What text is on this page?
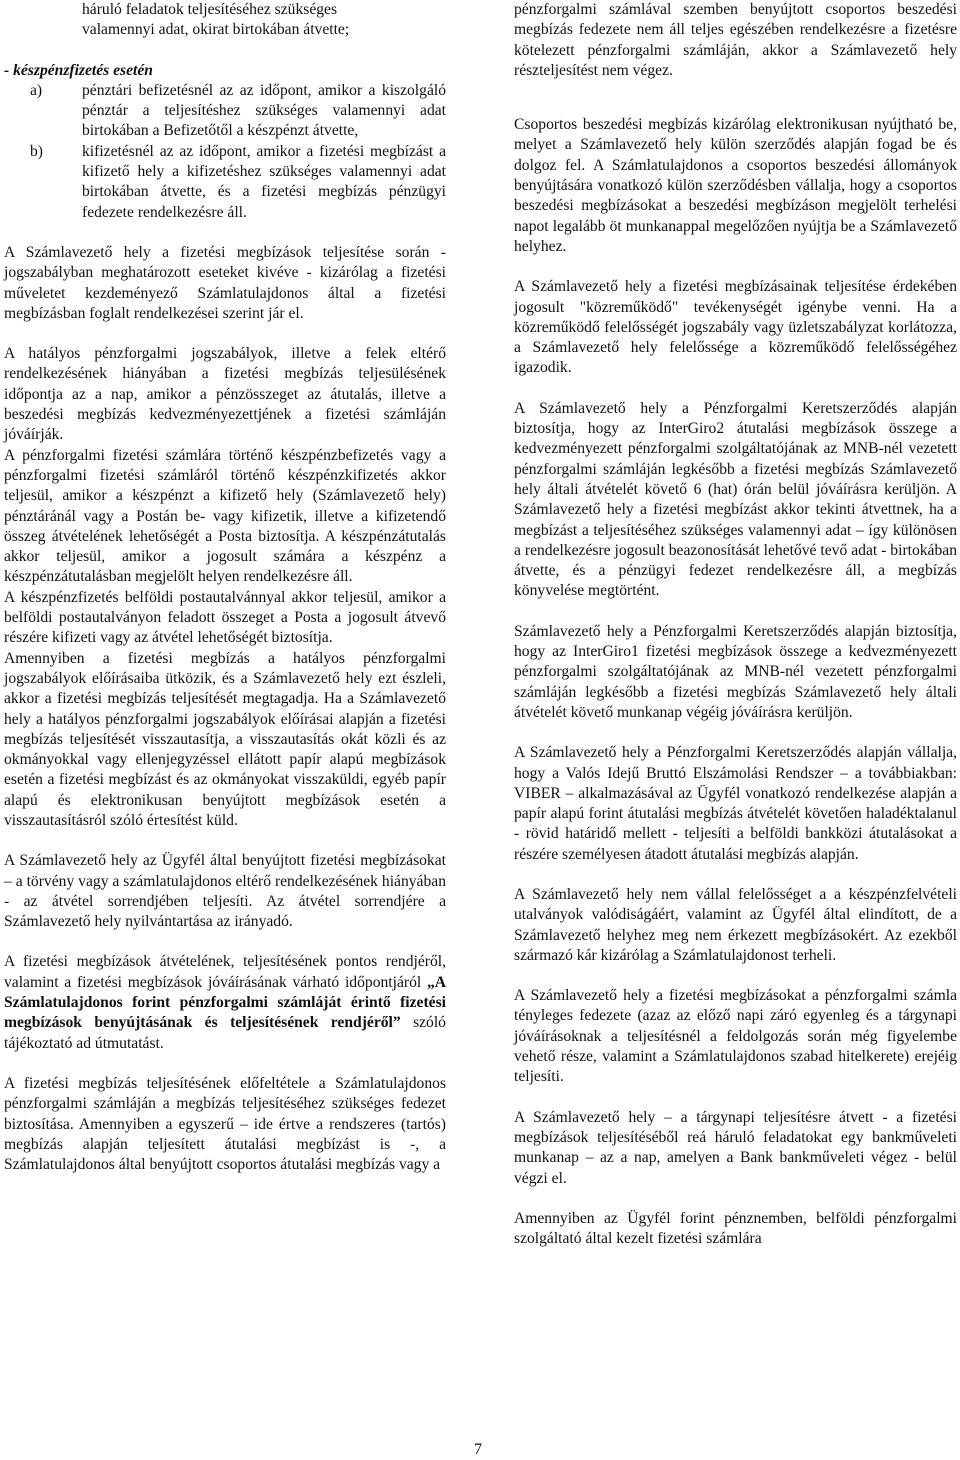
háruló feladatok teljesítéséhez szükséges

valamennyi adat, okirat birtokában átvette;

- készpénzfizetés esetén

a)	pénztári befizetésnél az az időpont, amikor a kiszolgáló pénztár a teljesítéshez szükséges valamennyi adat birtokában a Befizetőtől a készpénzt átvette,
b)	kifizetésnél az az időpont, amikor a fizetési megbízást a kifizető hely a kifizetéshez szükséges valamennyi adat birtokában átvette, és a fizetési megbízás pénzügyi fedezete rendelkezésre áll.

A Számlavezető hely a fizetési megbízások teljesítése során - jogszabályban meghatározott eseteket kivéve - kizárólag a fizetési műveletet kezdeményező Számlatulajdonos által a fizetési megbízásban foglalt rendelkezései szerint jár el.

A hatályos pénzforgalmi jogszabályok, illetve a felek eltérő rendelkezésének hiányában a fizetési megbízás teljesülésének időpontja az a nap, amikor a pénzösszeget az átutalás, illetve a beszedési megbízás kedvezményezettjének a fizetési számláján jóváírják.

A pénzforgalmi fizetési számlára történő készpénzbefizetés vagy a pénzforgalmi fizetési számláról történő készpénzkifizetés akkor teljesül, amikor a készpénzt a kifizető hely (Számlavezető hely) pénztáránál vagy a Postán be- vagy kifizetik, illetve a kifizetendő összeg átvételének lehetőségét a Posta biztosítja. A készpénzátutalás akkor teljesül, amikor a jogosult számára a készpénz a készpénzátutalásban megjelölt helyen rendelkezésre áll.

A készpénzfizetés belföldi postautalvánnyal akkor teljesül, amikor a belföldi postautalványon feladott összeget a Posta a jogosult átvevő részére kifizeti vagy az átvétel lehetőségét biztosítja.

Amennyiben a fizetési megbízás a hatályos pénzforgalmi jogszabályok előírásaiba ütközik, és a Számlavezető hely ezt észleli, akkor a fizetési megbízás teljesítését megtagadja. Ha a Számlavezető hely a hatályos pénzforgalmi jogszabályok előírásai alapján a fizetési megbízás teljesítését visszautasítja, a visszautasítás okát közli és az okmányokkal vagy ellenjegyzéssel ellátott papír alapú megbízások esetén a fizetési megbízást és az okmányokat visszaküldi, egyéb papír alapú és elektronikusan benyújtott megbízások esetén a visszautasításról szóló értesítést küld.

A Számlavezető hely az Ügyfél által benyújtott fizetési megbízásokat – a törvény vagy a számlatulajdonos eltérő rendelkezésének hiányában - az átvétel sorrendjében teljesíti. Az átvétel sorrendjére a Számlavezető hely nyilvántartása az irányadó.

A fizetési megbízások átvételének, teljesítésének pontos rendjéről, valamint a fizetési megbízások jóváírásának várható időpontjáról „A Számlatulajdonos forint pénzforgalmi számláját érintő fizetési megbízások benyújtásának és teljesítésének rendjéről” szóló tájékoztató ad útmutatást.

A fizetési megbízás teljesítésének előfeltétele a Számlatulajdonos pénzforgalmi számláján a megbízás teljesítéséhez szükséges fedezet biztosítása. Amennyiben a egyszerű – ide értve a rendszeres (tartós) megbízás alapján teljesített átutalási megbízást is -, a Számlatulajdonos által benyújtott csoportos átutalási megbízás vagy a

pénzforgalmi számlával szemben benyújtott csoportos beszedési megbízás fedezete nem áll teljes egészében rendelkezésre a fizetésre kötelezett pénzforgalmi számláján, akkor a Számlavezető hely részteljesítést nem végez.

Csoportos beszedési megbízás kizárólag elektronikusan nyújtható be, melyet a Számlavezető hely külön szerződés alapján fogad be és dolgoz fel. A Számlatulajdonos a csoportos beszedési állományok benyújtására vonatkozó külön szerződésben vállalja, hogy a csoportos beszedési megbízásokat a beszedési megbízáson megjelölt terhelési napot legalább öt munkanappal megelőzően nyújtja be a Számlavezető helyhez.

A Számlavezető hely a fizetési megbízásainak teljesítése érdekében jogosult "közreműködő" tevékenységét igénybe venni. Ha a közreműködő felelősségét jogszabály vagy üzletszabályzat korlátozza, a Számlavezető hely felelőssége a közreműködő felelősségéhez igazodik.

A Számlavezető hely a Pénzforgalmi Keretszerződés alapján biztosítja, hogy az InterGiro2 átutalási megbízások összege a kedvezményezett pénzforgalmi szolgáltatójának az MNB-nél vezetett pénzforgalmi számláján legkésőbb a fizetési megbízás Számlavezető hely általi átvételét követő 6 (hat) órán belül jóváírásra kerüljön. A Számlavezető hely a fizetési megbízást akkor tekinti átvettnek, ha a megbízást a teljesítéséhez szükséges valamennyi adat – így különösen a rendelkezésre jogosult beazonosítását lehetővé tevő adat - birtokában átvette, és a pénzügyi fedezet rendelkezésre áll, a megbízás könyvelése megtörtént.

Számlavezető hely a Pénzforgalmi Keretszerződés alapján biztosítja, hogy az InterGiro1 fizetési megbízások összege a kedvezményezett pénzforgalmi szolgáltatójának az MNB-nél vezetett pénzforgalmi számláján legkésőbb a fizetési megbízás Számlavezető hely általi átvételét követő munkanap végéig jóváírásra kerüljön.

A Számlavezető hely a Pénzforgalmi Keretszerződés alapján vállalja, hogy a Valós Idejű Bruttó Elszámolási Rendszer – a továbbiakban: VIBER – alkalmazásával az Ügyfél vonatkozó rendelkezése alapján a papír alapú forint átutalási megbízás átvételét követően haladéktalanul - rövid határidő mellett - teljesíti a belföldi bankközi átutalásokat a részére személyesen átadott átutalási megbízás alapján.

A Számlavezető hely nem vállal felelősséget a a készpénzfelvételi utalványok valódiságáért, valamint az Ügyfél által elindított, de a Számlavezető helyhez meg nem érkezett megbízásokért. Az ezekből származó kár kizárólag a Számlatulajdonost terheli.

A Számlavezető hely a fizetési megbízásokat a pénzforgalmi számla tényleges fedezete (azaz az előző napi záró egyenleg és a tárgynapi jóváírásoknak a teljesítésnél a feldolgozás során még figyelembe vehető része, valamint a Számlatulajdonos szabad hitelkerete) erejéig teljesíti.

A Számlavezető hely – a tárgynapi teljesítésre átvett - a fizetési megbízások teljesítéséből reá háruló feladatokat egy bankműveleti munkanap – az a nap, amelyen a Bank bankműveleti végez - belül végzi el.

Amennyiben az Ügyfél forint pénznemben, belföldi pénzforgalmi szolgáltató által kezelt fizetési számlára

7
